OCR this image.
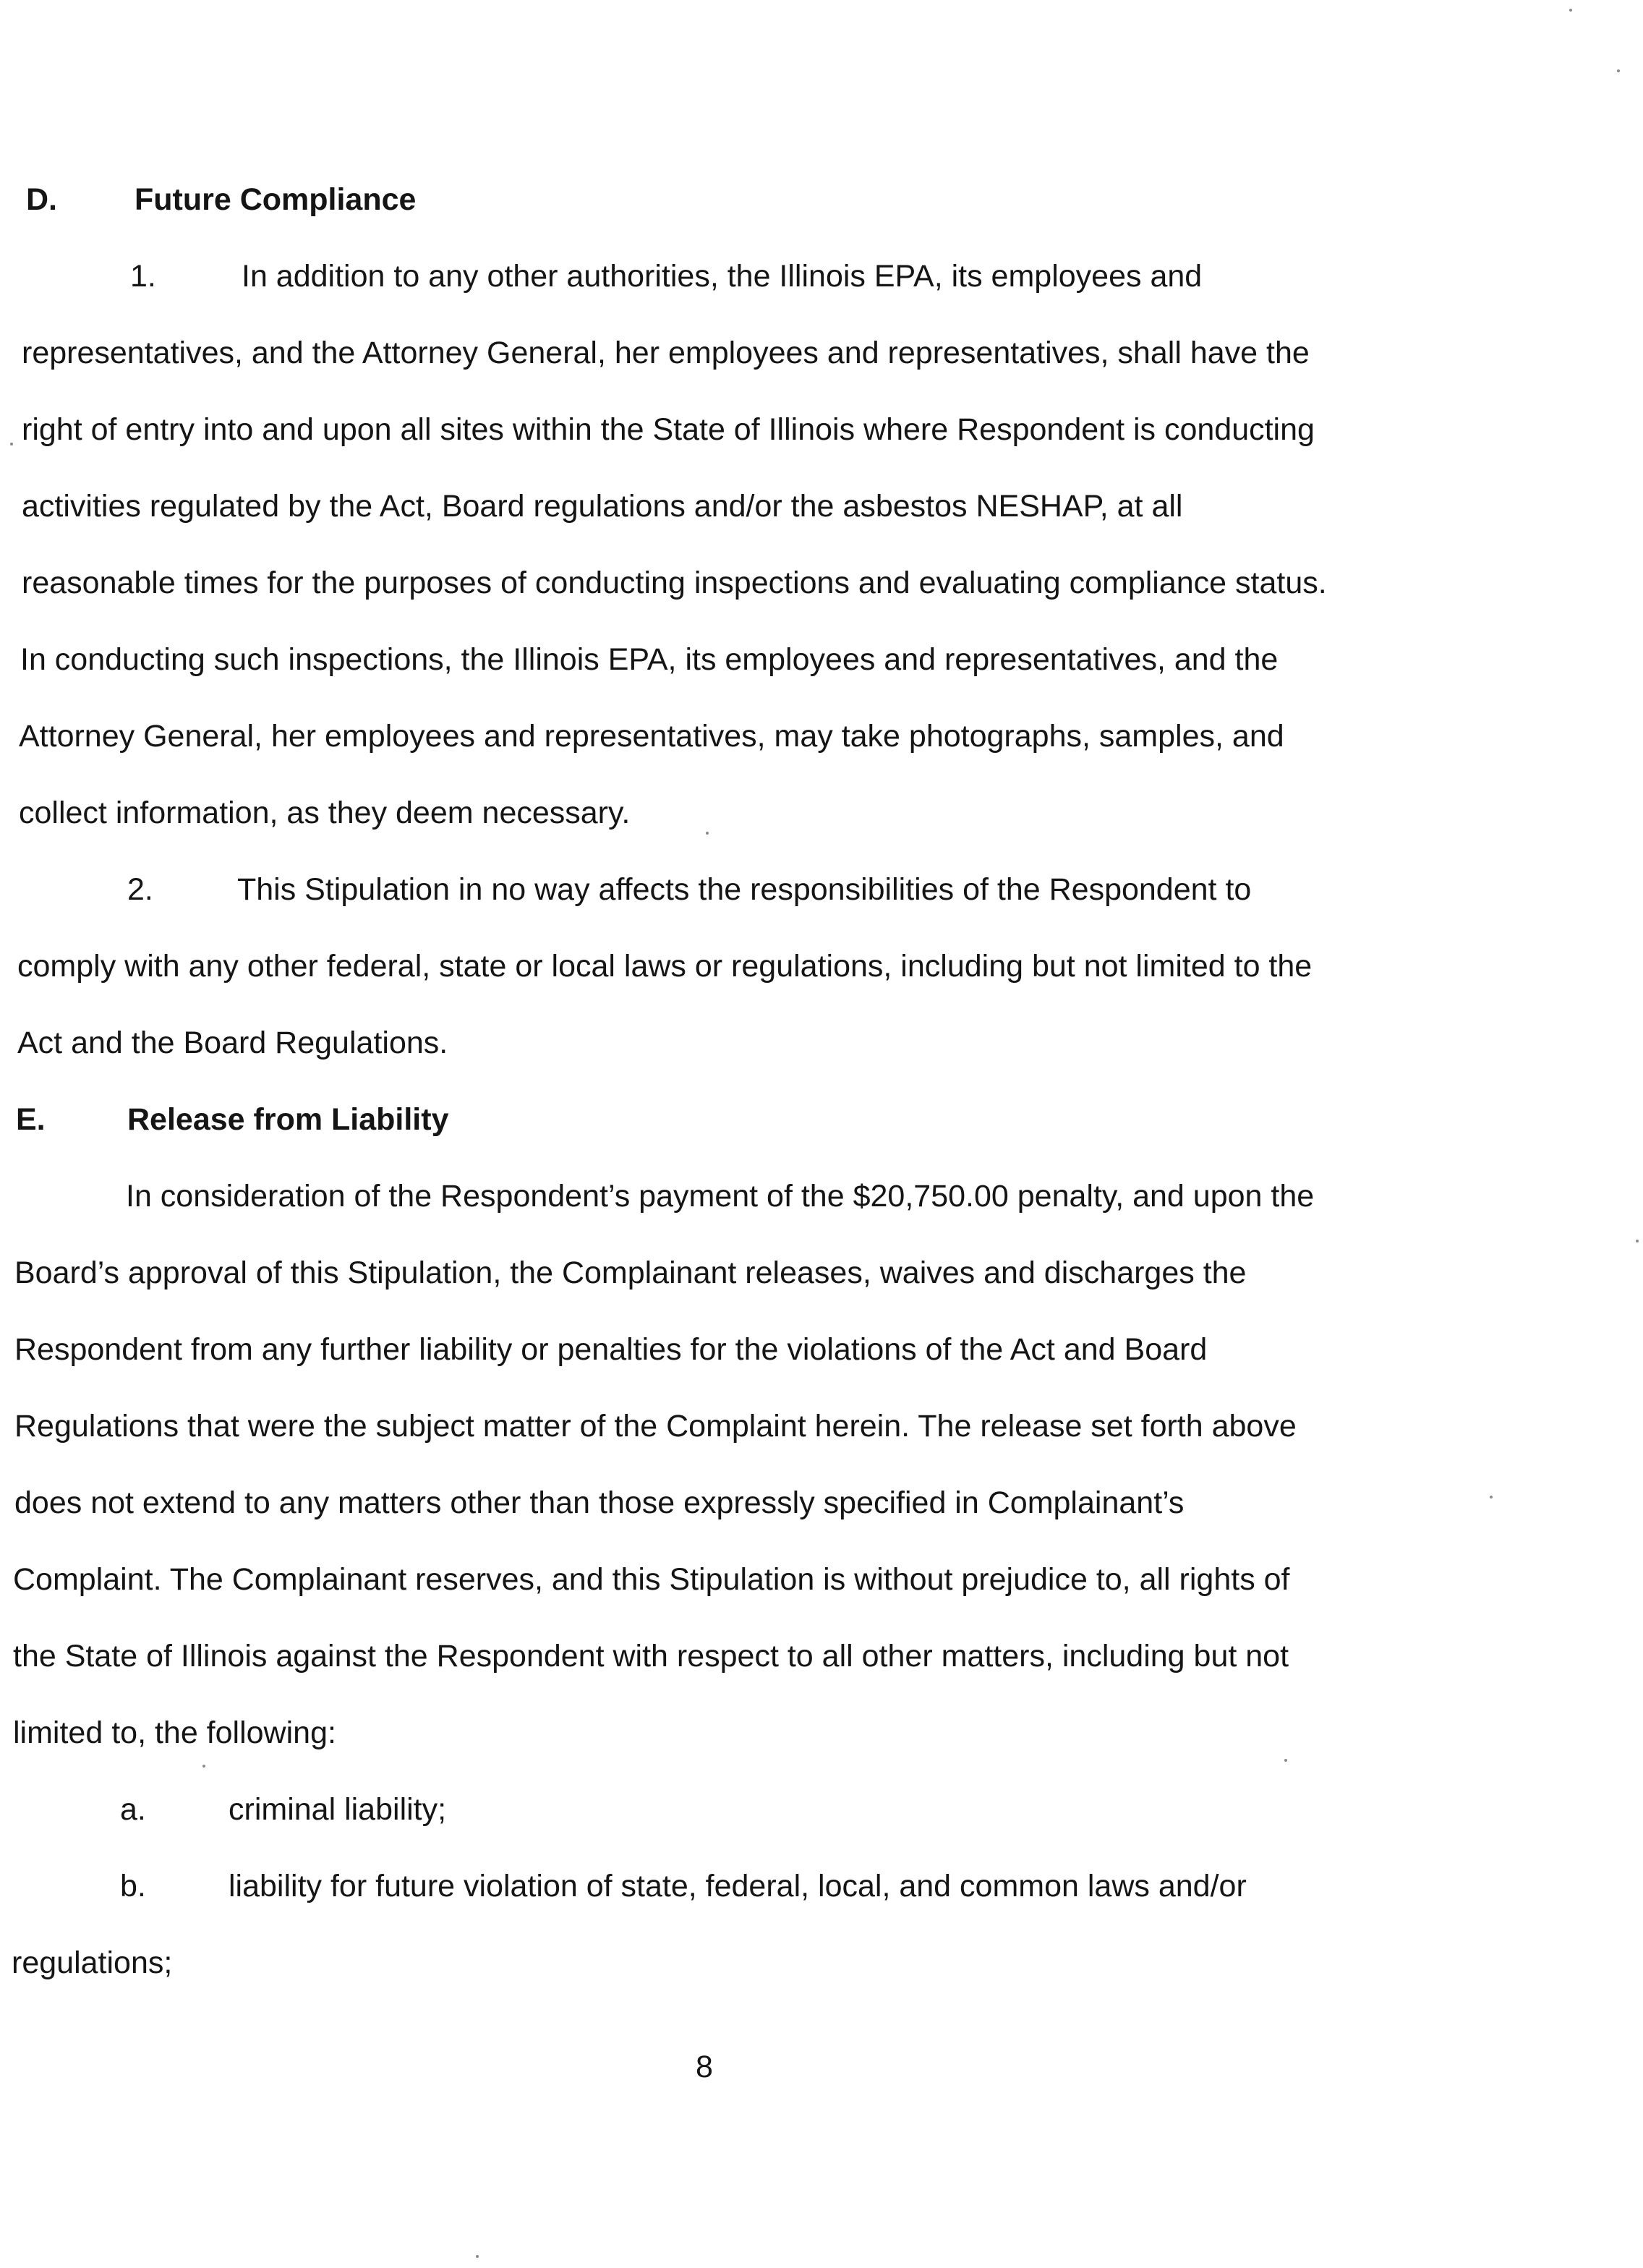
D. Future Compliance
1.	In addition to any other authorities, the Illinois EPA, its employees and
representatives, and the Attorney General, her employees and representatives, shall have the
right of entry into and upon all sites within the State of Illinois where Respondent is conducting
activities regulated by the Act, Board regulations and/or the asbestos NESHAP, at all
reasonable times for the purposes of conducting inspections and evaluating compliance status.
In conducting such inspections, the Illinois EPA, its employees and representatives, and the
Attorney General, her employees and representatives, may take photographs, samples, and
collect information, as they deem necessary.
2.	This Stipulation in no way affects the responsibilities of the Respondent to
comply with any other federal, state or local laws or regulations, including but not limited to the
Act and the Board Regulations.
E.	Release from Liability
In consideration of the Respondent’s payment of the $20,750.00 penalty, and upon the
Board’s approval of this Stipulation, the Complainant releases, waives and discharges the
Respondent from any further liability or penalties for the violations of the Act and Board
Regulations that were the subject matter of the Complaint herein. The release set forth above
does not extend to any matters other than those expressly specified in Complainant’s
Complaint. The Complainant reserves, and this Stipulation is without prejudice to, all rights of
the State of Illinois against the Respondent with respect to all other matters, including but not
limited to, the following:
a.	criminal liability;
b.	liability for future violation of state, federal, local, and common laws and/or
regulations;
8
